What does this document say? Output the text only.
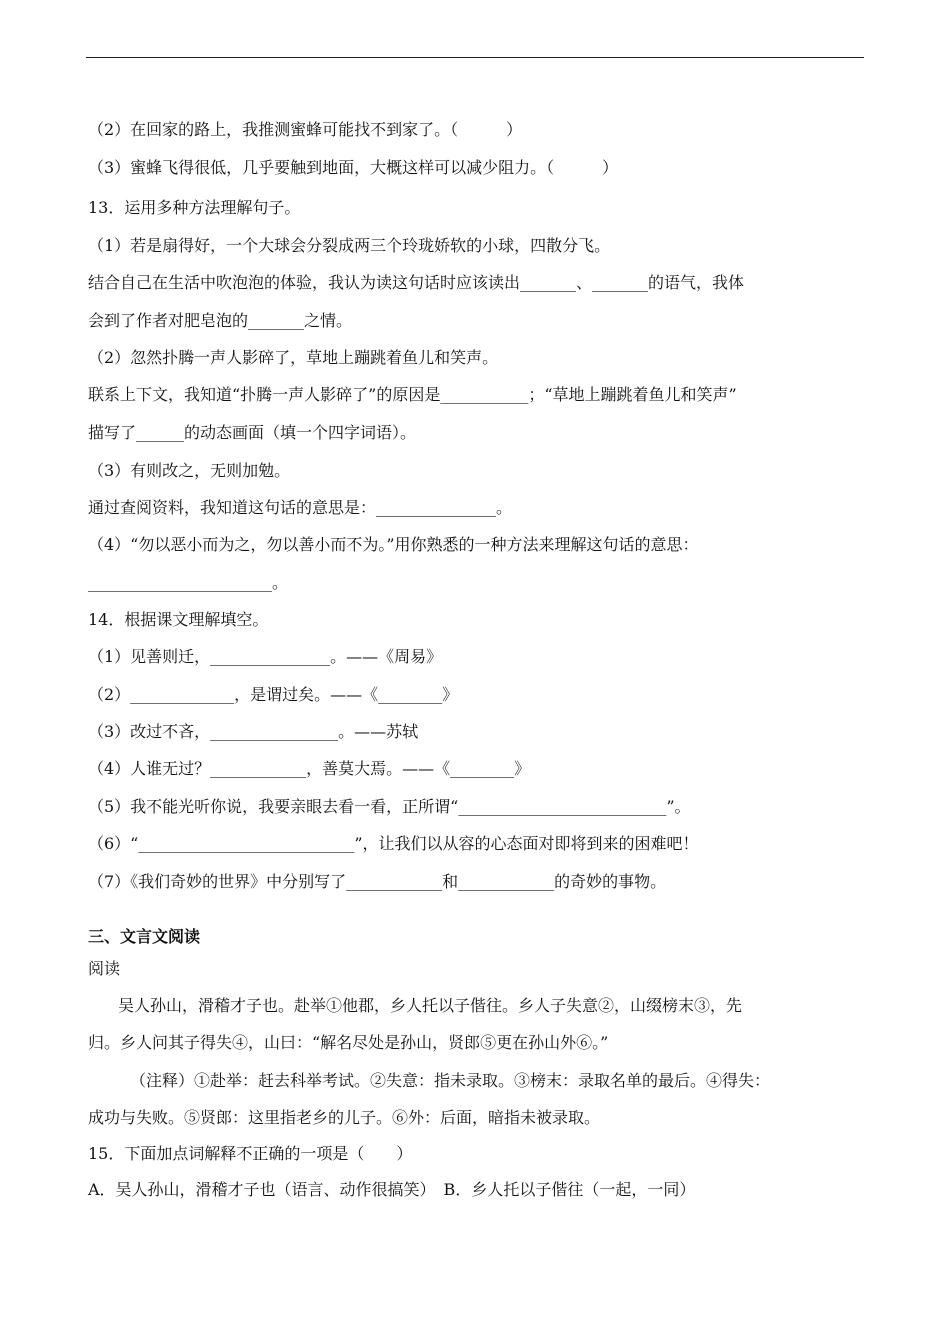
（2）在回家的路上，我推测蜜蜂可能找不到家了。（　　　）
（3）蜜蜂飞得很低，几乎要触到地面，大概这样可以减少阻力。（　　　）
13．运用多种方法理解句子。
（1）若是扇得好，一个大球会分裂成两三个玲珑娇软的小球，四散分飞。
结合自己在生活中吹泡泡的体验，我认为读这句话时应该读出_______、_______的语气，我体
会到了作者对肥皂泡的_______之情。
（2）忽然扑腾一声人影碎了，草地上蹦跳着鱼儿和笑声。
联系上下文，我知道“扑腾一声人影碎了”的原因是___________；“草地上蹦跳着鱼儿和笑声”
描写了______的动态画面（填一个四字词语）。
（3）有则改之，无则加勉。
通过查阅资料，我知道这句话的意思是：_______________。
（4）“勿以恶小而为之，勿以善小而不为。”用你熟悉的一种方法来理解这句话的意思：
_______________________。
14．根据课文理解填空。
（1）见善则迁，_______________。——《周易》
（2）_____________，是谓过矣。——《________》
（3）改过不吝，________________。——苏轼
（4）人谁无过？____________，善莫大焉。——《________》
（5）我不能光听你说，我要亲眼去看一看，正所谓“__________________________”。
（6）“___________________________”，让我们以从容的心态面对即将到来的困难吧！
（7）《我们奇妙的世界》中分别写了____________和____________的奇妙的事物。
三、文言文阅读
阅读
吴人孙山，滑稽才子也。赴举①他郡，乡人托以子偕往。乡人子失意②，山缀榜末③，先
归。乡人问其子得失④，山曰：“解名尽处是孙山，贤郎⑤更在孙山外⑥。”
（注释）①赴举：赶去科举考试。②失意：指未录取。③榜末：录取名单的最后。④得失：
成功与失败。⑤贤郎：这里指老乡的儿子。⑥外：后面，暗指未被录取。
15．下面加点词解释不正确的一项是（　　）
A．吴人孙山，滑稽才子也（语言、动作很搞笑）　B．乡人托以子偕往（一起，一同）
